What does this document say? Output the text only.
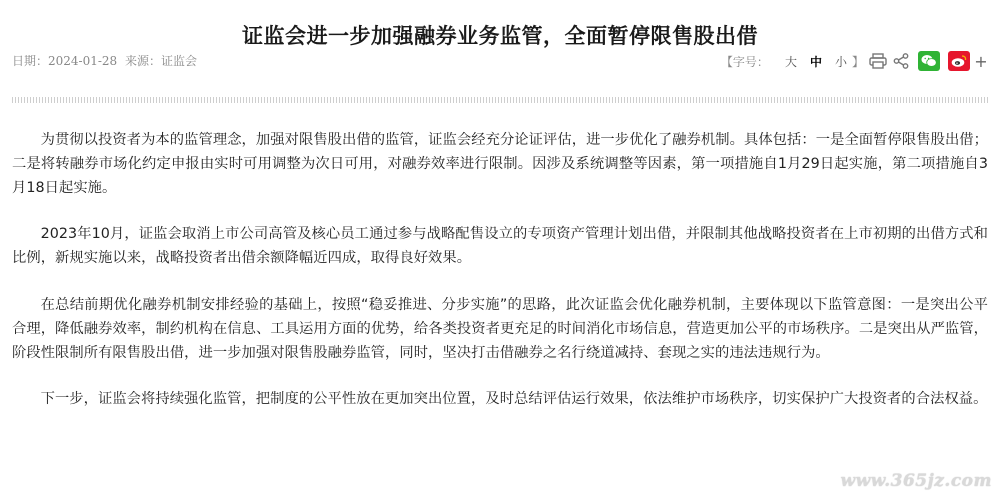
证监会进一步加强融券业务监管，全面暂停限售股出借
日期：2024-01-28 来源：证监会	【字号： 大 中 小 】	+

为贯彻以投资者为本的监管理念，加强对限售股出借的监管，证监会经充分论证评估，进一步优化了融券机制。具体包括：一是全面暂停限售股出借；二是将转融券市场化约定申报由实时可用调整为次日可用，对融券效率进行限制。因涉及系统调整等因素，第一项措施自1月29日起实施，第二项措施自3月18日起实施。

2023年10月，证监会取消上市公司高管及核心员工通过参与战略配售设立的专项资产管理计划出借，并限制其他战略投资者在上市初期的出借方式和比例，新规实施以来，战略投资者出借余额降幅近四成，取得良好效果。

在总结前期优化融券机制安排经验的基础上，按照“稳妥推进、分步实施”的思路，此次证监会优化融券机制，主要体现以下监管意图：一是突出公平合理，降低融券效率，制约机构在信息、工具运用方面的优势，给各类投资者更充足的时间消化市场信息，营造更加公平的市场秩序。二是突出从严监管，阶段性限制所有限售股出借，进一步加强对限售股融券监管，同时，坚决打击借融券之名行绕道减持、套现之实的违法违规行为。

下一步，证监会将持续强化监管，把制度的公平性放在更加突出位置，及时总结评估运行效果，依法维护市场秩序，切实保护广大投资者的合法权益。

www.365jz.com
